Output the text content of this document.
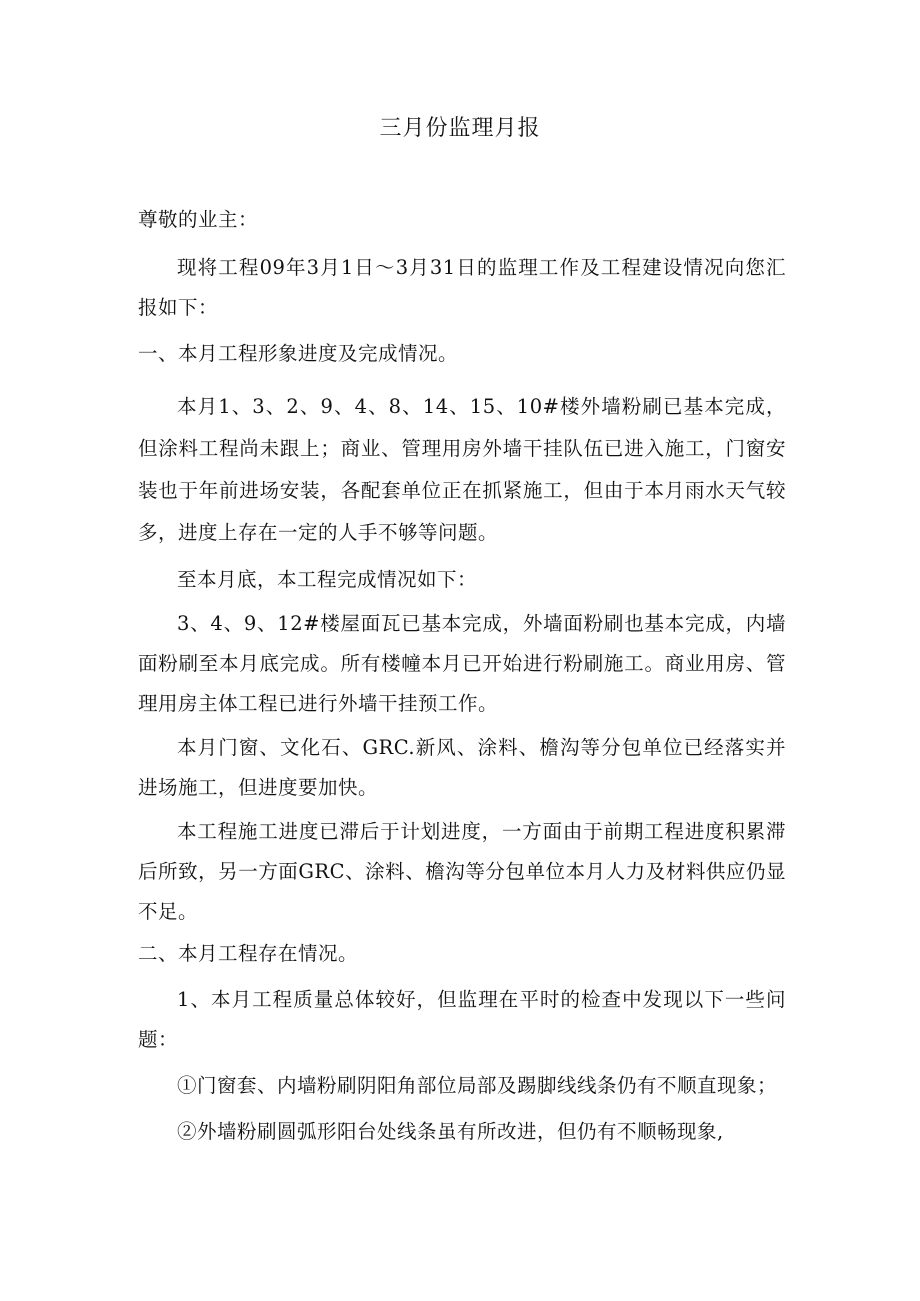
三月份监理月报

尊敬的业主：

现将工程09年3月1日～3月31日的监理工作及工程建设情况向您汇报如下：

一、本月工程形象进度及完成情况。

本月1、3、2、9、4、8、14、15、10#楼外墙粉刷已基本完成，但涂料工程尚未跟上；商业、管理用房外墙干挂队伍已进入施工，门窗安装也于年前进场安装，各配套单位正在抓紧施工，但由于本月雨水天气较多，进度上存在一定的人手不够等问题。

至本月底，本工程完成情况如下：

3、4、9、12#楼屋面瓦已基本完成，外墙面粉刷也基本完成，内墙面粉刷至本月底完成。所有楼幢本月已开始进行粉刷施工。商业用房、管理用房主体工程已进行外墙干挂预工作。

本月门窗、文化石、GRC.新风、涂料、檐沟等分包单位已经落实并进场施工，但进度要加快。

本工程施工进度已滞后于计划进度，一方面由于前期工程进度积累滞后所致，另一方面GRC、涂料、檐沟等分包单位本月人力及材料供应仍显不足。

二、本月工程存在情况。

1、本月工程质量总体较好，但监理在平时的检查中发现以下一些问题：

①门窗套、内墙粉刷阴阳角部位局部及踢脚线线条仍有不顺直现象；

②外墙粉刷圆弧形阳台处线条虽有所改进，但仍有不顺畅现象,
